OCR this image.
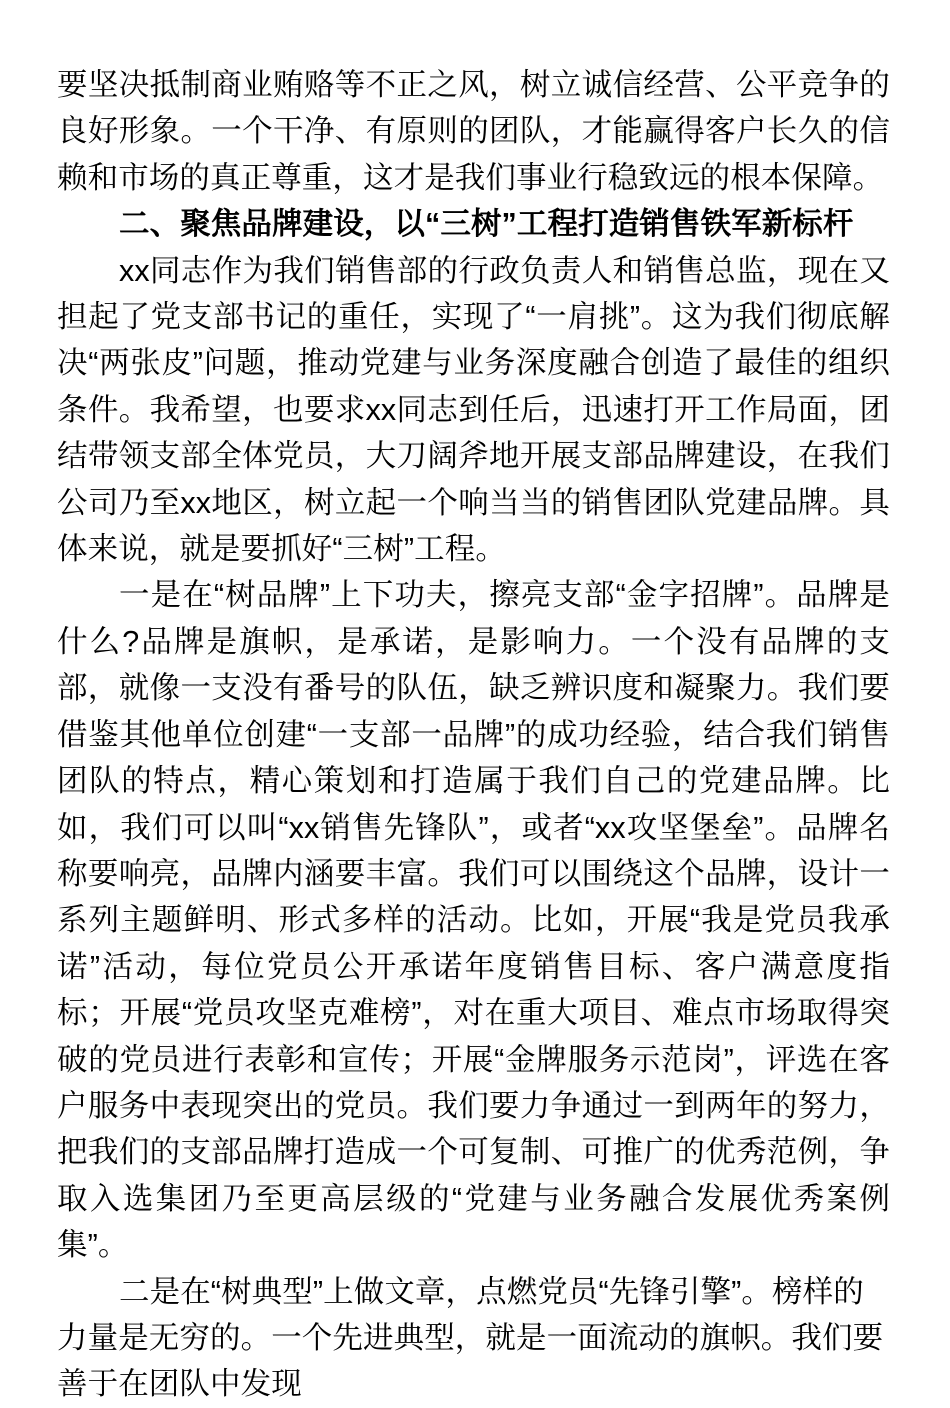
要坚决抵制商业贿赂等不正之风，树立诚信经营、公平竞争的良好形象。一个干净、有原则的团队，才能赢得客户长久的信赖和市场的真正尊重，这才是我们事业行稳致远的根本保障。

二、聚焦品牌建设，以“三树”工程打造销售铁军新标杆

xx同志作为我们销售部的行政负责人和销售总监，现在又担起了党支部书记的重任，实现了“一肩挑”。这为我们彻底解决“两张皮”问题，推动党建与业务深度融合创造了最佳的组织条件。我希望，也要求xx同志到任后，迅速打开工作局面，团结带领支部全体党员，大刀阔斧地开展支部品牌建设，在我们公司乃至xx地区，树立起一个响当当的销售团队党建品牌。具体来说，就是要抓好“三树”工程。

一是在“树品牌”上下功夫，擦亮支部“金字招牌”。品牌是什么?品牌是旗帜，是承诺，是影响力。一个没有品牌的支部，就像一支没有番号的队伍，缺乏辨识度和凝聚力。我们要借鉴其他单位创建“一支部一品牌”的成功经验，结合我们销售团队的特点，精心策划和打造属于我们自己的党建品牌。比如，我们可以叫“xx销售先锋队”，或者“xx攻坚堡垒”。品牌名称要响亮，品牌内涵要丰富。我们可以围绕这个品牌，设计一系列主题鲜明、形式多样的活动。比如，开展“我是党员我承诺”活动，每位党员公开承诺年度销售目标、客户满意度指标；开展“党员攻坚克难榜”，对在重大项目、难点市场取得突破的党员进行表彰和宣传；开展“金牌服务示范岗”，评选在客户服务中表现突出的党员。我们要力争通过一到两年的努力，把我们的支部品牌打造成一个可复制、可推广的优秀范例，争取入选集团乃至更高层级的“党建与业务融合发展优秀案例集”。

二是在“树典型”上做文章，点燃党员“先锋引擎”。榜样的力量是无穷的。一个先进典型，就是一面流动的旗帜。我们要善于在团队中发现
